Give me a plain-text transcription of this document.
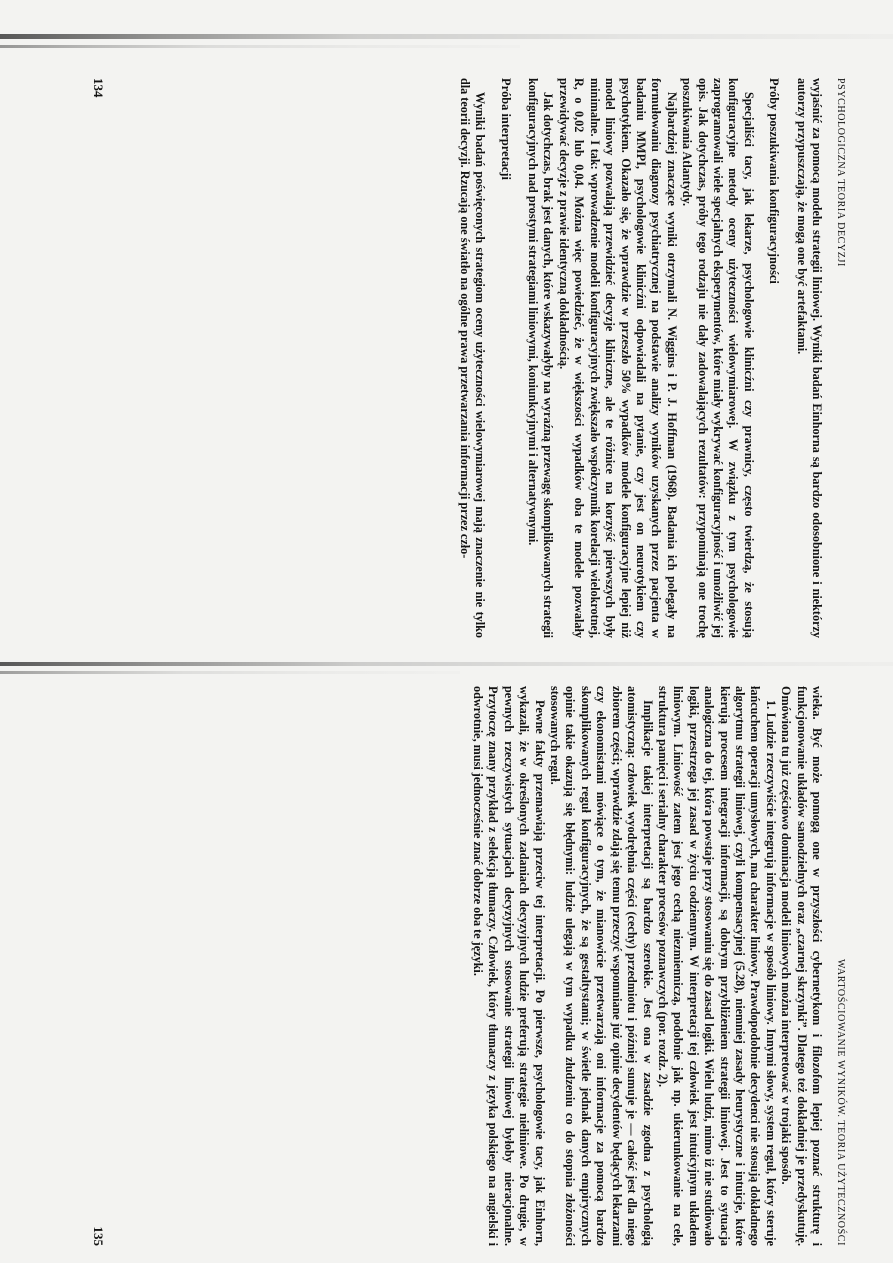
PSYCHOLOGICZNA TEORIA DECYZJI

wyjaśnić za pomocą modelu strategii liniowej. Wyniki badań Einhorna są bardzo odosobnione i niektórzy autorzy przypuszczają, że mogą one być artefaktami.

Próby poszukiwania konfiguracyjności

Specjaliści tacy, jak lekarze, psychologowie klinicźni czy prawnicy, często twierdzą, że stosują konfiguracyjne metody oceny użyteczności wielowymiarowej. W związku z tym psychologowie zaprogramowali wiele specjalnych eksperymentów, które miały wykrywać konfiguracyjność i umożliwić jej opis. Jak dotychczas, próby tego rodzaju nie dały zadowalających rezultatów: przypominają one trochę poszukiwania Atlantydy.

Najbardziej znaczące wyniki otrzymali N. Wiggins i P. J. Hoffman (1968). Badania ich polegały na formułowaniu diagnozy psychiatrycznej na podstawie analizy wyników uzyskanych przez pacjenta w badaniu MMPI, psychologowie klinicźni odpowiadali na pytanie, czy jest on neurotykiem czy psychotykiem. Okazało się, że wprawdzie w przeszło 50% wypadków modele konfiguracyjne lepiej niż model liniowy pozwalają przewidzieć decyzje kliniczne, ale te różnice na korzyść pierwszych były minimalne. I tak: wprowadzenie modeli konfiguracyjnych zwiększało współczynnik korelacji wielokrotnej, R, o 0,02 lub 0,04. Można więc powiedzieć, że w większości wypadków oba te modele pozwalały przewidywać decyzje z prawie identyczną dokładnością.

Jak dotychczas, brak jest danych, które wskazywałyby na wyraźną przewagę skomplikowanych strategii konfiguracyjnych nad prostymi strategiami liniowymi, koniunkcyjnymi i alternatywnymi.

Próba interpretacji

Wyniki badań poświęconych strategiom oceny użyteczności wielowymiarowej mają znaczenie nie tylko dla teorii decyzji. Rzucają one światło na ogólne prawa przetwarzania informacji przez czło-

134
WARTOŚCIOWANIE WYNIKÓW. TEORIA UŻYTECZNOŚCI

wieka. Być może pomogą one w przyszłości cybernetykom i filozofom lepiej poznać strukturę i funkcjonowanie układów samodzielnych oraz „czarnej skrzynki”. Dlatego też dokładniej je przedyskutuję. Omówiona tu już częściowo dominacja modeli liniowych można interpretować w trojaki sposób.

1. Ludzie rzeczywiście integrują informacje w sposób liniowy. Innymi słowy, system reguł, który steruje łańcuchem operacji umysłowych, ma charakter liniowy. Prawdopodobnie decydenci nie stosują dokładnego algorytmu strategii liniowej, czyli kompensacyjnej (5.28), niemniej zasady heurystyczne i intuicje, które kierują procesem integracji informacji, są dobrym przybliżeniem strategii liniowej. Jest to sytuacja analogiczna do tej, która powstaje przy stosowaniu się do zasad logiki. Wielu ludzi, mimo iż nie studiowało logiki, przestrzega jej zasad w życiu codziennym. W interpretacji tej człowiek jest intuicyjnym układem liniowym. Liniowość zatem jest jego cechą niezmienniczą, podobnie jak np. ukierunkowanie na cele, struktura pamięci i serialny charakter procesów poznawczych (por. rozdz. 2).

Implikacje takiej interpretacji są bardzo szerokie. Jest ona w zasadzie zgodna z psychologią atomistyczną: człowiek wyodrębnia części (cechy) przedmiotu i później sumuje je — całość jest dla niego zbiorem części; wprawdzie zdają się temu przeczyć wspomniane już opinie decydentów będących lekarzami czy ekonomistami mówiące o tym, że mianowicie przetwarzają oni informacje za pomocą bardzo skomplikowanych reguł konfiguracyjnych, że są gestaltystami; w świetle jednak danych empirycznych opinie takie okazują się błędnymi: ludzie ulegają w tym wypadku złudzeniu co do stopnia złożoności stosowanych reguł.

Pewne fakty przemawiają przeciw tej interpretacji. Po pierwsze, psychologowie tacy, jak Einhorn, wykazali, że w określonych zadaniach decyzyjnych ludzie preferują strategie nieliniowe. Po drugie, w pewnych rzeczywistych sytuacjach decyzyjnych stosowanie strategii liniowej byłoby nieracjonalne. Przytoczę znany przykład z selekcją tłumaczy. Człowiek, który tłumaczy z języka polskiego na angielski i odwrotnie, musi jednocześnie znać dobrze oba te języki.

135
